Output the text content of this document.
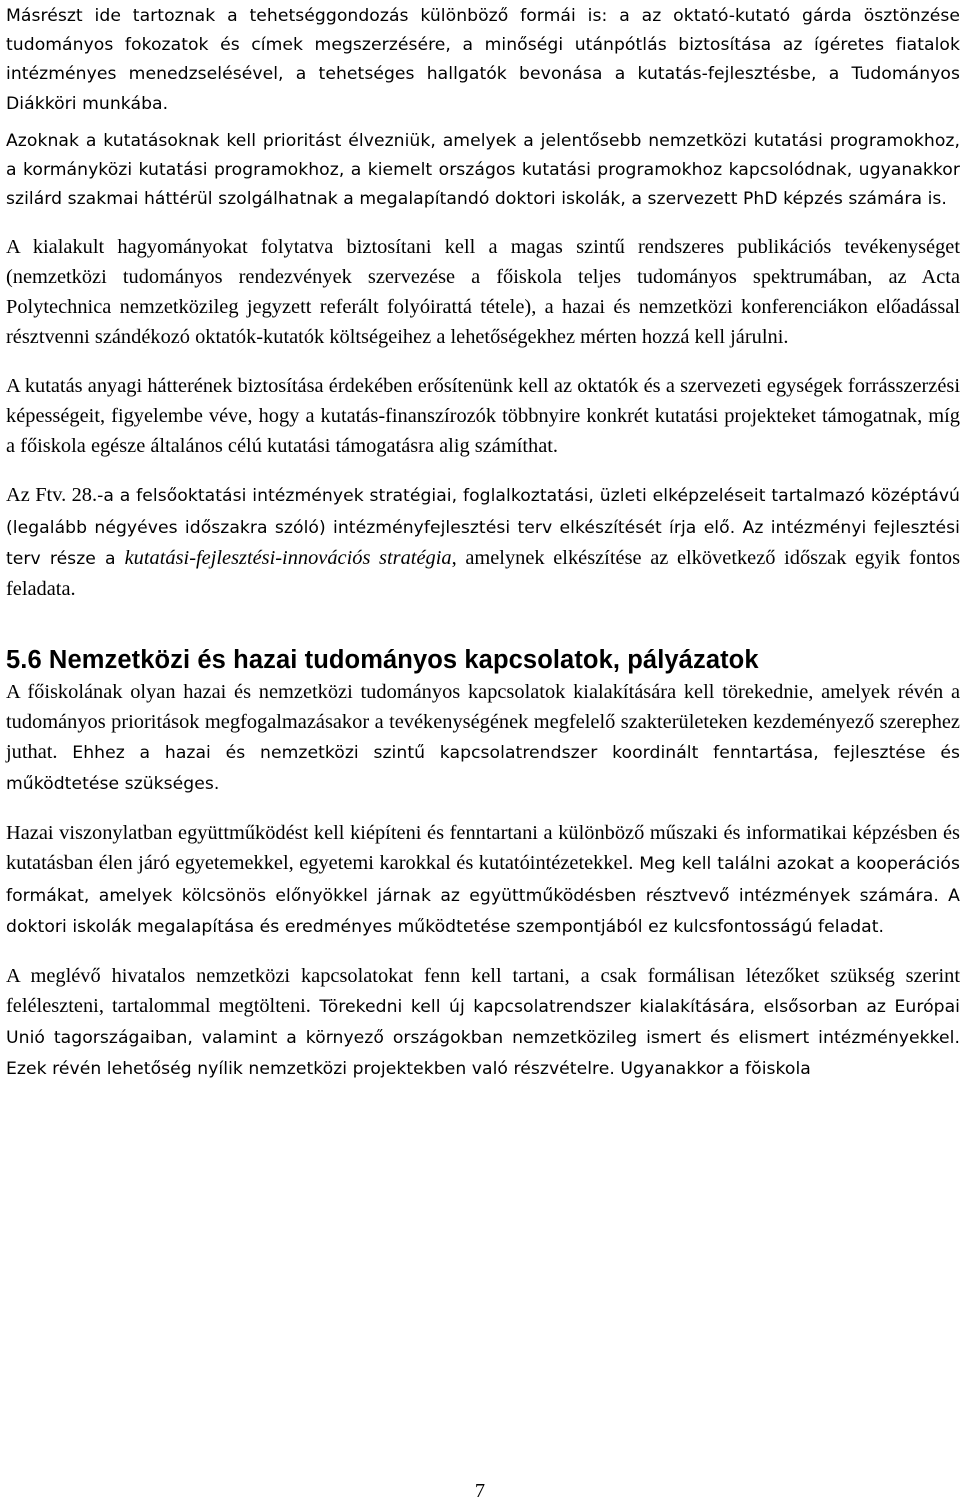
Másrészt ide tartoznak a tehetséggondozás különböző formái is: a az oktató-kutató gárda ösztönzése tudományos fokozatok és címek megszerzésére, a minőségi utánpótlás biztosítása az ígéretes fiatalok intézményes menedzselésével, a tehetséges hallgatók bevonása a kutatás-fejlesztésbe, a Tudományos Diákköri munkába.

Azoknak a kutatásoknak kell prioritást élvezniük, amelyek a jelentősebb nemzetközi kutatási programokhoz, a kormányközi kutatási programokhoz, a kiemelt országos kutatási programokhoz kapcsolódnak, ugyanakkor szilárd szakmai háttérül szolgálhatnak a megalapítandó doktori iskolák, a szervezett PhD képzés számára is.

A kialakult hagyományokat folytatva biztosítani kell a magas szintű rendszeres publikációs tevékenységet (nemzetközi tudományos rendezvények szervezése a főiskola teljes tudományos spektrumában, az Acta Polytechnica nemzetközileg jegyzett referált folyóirattá tétele), a hazai és nemzetközi konferenciákon előadással résztvenni szándékozó oktatók-kutatók költségeihez a lehetőségekhez mérten hozzá kell járulni.

A kutatás anyagi hátterének biztosítása érdekében erősítenünk kell az oktatók és a szervezeti egységek forrásszerzési képességeit, figyelembe véve, hogy a kutatás-finanszírozók többnyire konkrét kutatási projekteket támogatnak, míg a főiskola egésze általános célú kutatási támogatásra alig számíthat.

Az Ftv. 28.-a a felsőoktatási intézmények stratégiai, foglalkoztatási, üzleti elképzeléseit tartalmazó középtávú (legalább négyéves időszakra szóló) intézményfejlesztési terv elkészítését írja elő. Az intézményi fejlesztési terv része a kutatási-fejlesztési-innovációs stratégia, amelynek elkészítése az elkövetkező időszak egyik fontos feladata.

5.6 Nemzetközi és hazai tudományos kapcsolatok, pályázatok

A főiskolának olyan hazai és nemzetközi tudományos kapcsolatok kialakítására kell törekednie, amelyek révén a tudományos prioritások megfogalmazásakor a tevékenységének megfelelő szakterületeken kezdeményező szerephez juthat. Ehhez a hazai és nemzetközi szintű kapcsolatrendszer koordinált fenntartása, fejlesztése és működtetése szükséges.

Hazai viszonylatban együttműködést kell kiépíteni és fenntartani a különböző műszaki és informatikai képzésben és kutatásban élen járó egyetemekkel, egyetemi karokkal és kutatóintézetekkel. Meg kell találni azokat a kooperációs formákat, amelyek kölcsönös előnyökkel járnak az együttműködésben résztvevő intézmények számára. A doktori iskolák megalapítása és eredményes működtetése szempontjából ez kulcsfontosságú feladat.

A meglévő hivatalos nemzetközi kapcsolatokat fenn kell tartani, a csak formálisan létezőket szükség szerint feléleszteni, tartalommal megtölteni. Törekedni kell új kapcsolatrendszer kialakítására, elsősorban az Európai Unió tagországaiban, valamint a környező országokban nemzetközileg ismert és elismert intézményekkel. Ezek révén lehetőség nyílik nemzetközi projektekben való részvételre. Ugyanakkor a fŏiskola

7
